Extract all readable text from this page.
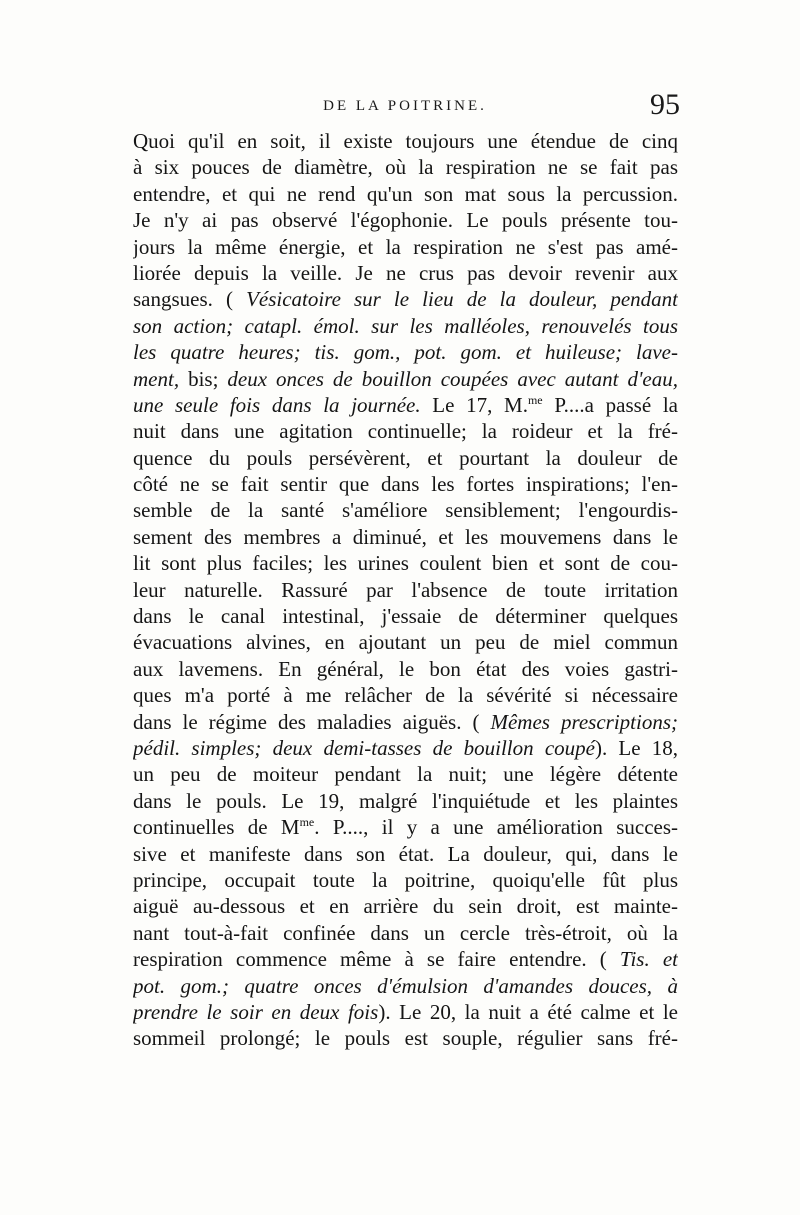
DE LA POITRINE.	95
Quoi qu'il en soit, il existe toujours une étendue de cinq
à six pouces de diamètre, où la respiration ne se fait pas
entendre, et qui ne rend qu'un son mat sous la percussion.
Je n'y ai pas observé l'égophonie. Le pouls présente tou-
jours la même énergie, et la respiration ne s'est pas amé-
liorée depuis la veille. Je ne crus pas devoir revenir aux
sangsues. ( Vésicatoire sur le lieu de la douleur, pendant
son action; catapl. émol. sur les malléoles, renouvelés tous
les quatre heures; tis. gom., pot. gom. et huileuse; lave-
ment, bis; deux onces de bouillon coupées avec autant d'eau,
une seule fois dans la journée. Le 17, M.$^{me}$ P....a passé la
nuit dans une agitation continuelle; la roideur et la fré-
quence du pouls persévèrent, et pourtant la douleur de
côté ne se fait sentir que dans les fortes inspirations; l'en-
semble de la santé s'améliore sensiblement; l'engourdis-
sement des membres a diminué, et les mouvemens dans le
lit sont plus faciles; les urines coulent bien et sont de cou-
leur naturelle. Rassuré par l'absence de toute irritation
dans le canal intestinal, j'essaie de déterminer quelques
évacuations alvines, en ajoutant un peu de miel commun
aux lavemens. En général, le bon état des voies gastri-
ques m'a porté à me relâcher de la sévérité si nécessaire
dans le régime des maladies aiguës. ( Mêmes prescriptions;
pédil. simples; deux demi-tasses de bouillon coupé). Le 18,
un peu de moiteur pendant la nuit; une légère détente
dans le pouls. Le 19, malgré l'inquiétude et les plaintes
continuelles de $M^{me}$. P...., il y a une amélioration succes-
sive et manifeste dans son état. La douleur, qui, dans le
principe, occupait toute la poitrine, quoiqu'elle fût plus
aiguë au-dessous et en arrière du sein droit, est mainte-
nant tout-à-fait confinée dans un cercle très-étroit, où la
respiration commence même à se faire entendre. ( Tis. et
pot. gom.; quatre onces d'émulsion d'amandes douces, à
prendre le soir en deux fois). Le 20, la nuit a été calme et le
sommeil prolongé; le pouls est souple, régulier sans fré-
